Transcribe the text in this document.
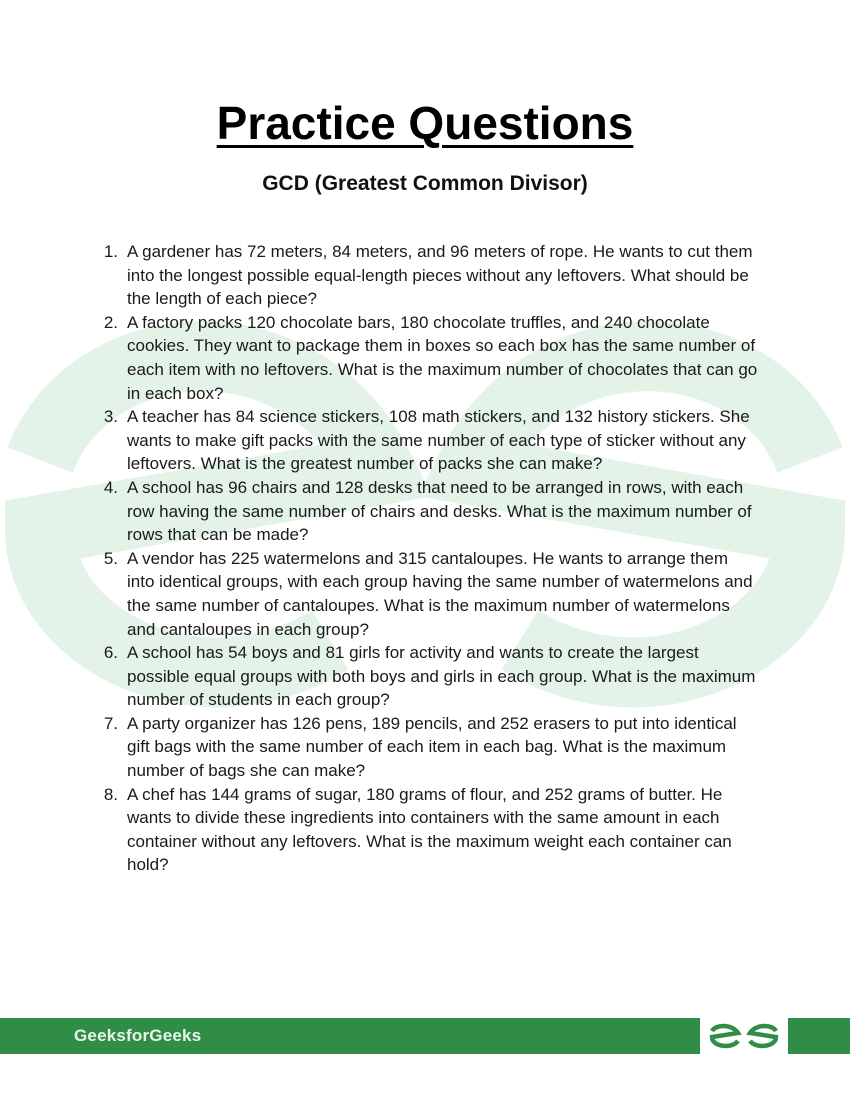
Practice Questions
GCD (Greatest Common Divisor)
1. A gardener has 72 meters, 84 meters, and 96 meters of rope. He wants to cut them into the longest possible equal-length pieces without any leftovers. What should be the length of each piece?
2. A factory packs 120 chocolate bars, 180 chocolate truffles, and 240 chocolate cookies. They want to package them in boxes so each box has the same number of each item with no leftovers. What is the maximum number of chocolates that can go in each box?
3. A teacher has 84 science stickers, 108 math stickers, and 132 history stickers. She wants to make gift packs with the same number of each type of sticker without any leftovers. What is the greatest number of packs she can make?
4. A school has 96 chairs and 128 desks that need to be arranged in rows, with each row having the same number of chairs and desks. What is the maximum number of rows that can be made?
5. A vendor has 225 watermelons and 315 cantaloupes. He wants to arrange them into identical groups, with each group having the same number of watermelons and the same number of cantaloupes. What is the maximum number of watermelons and cantaloupes in each group?
6. A school has 54 boys and 81 girls for activity and wants to create the largest possible equal groups with both boys and girls in each group. What is the maximum number of students in each group?
7. A party organizer has 126 pens, 189 pencils, and 252 erasers to put into identical gift bags with the same number of each item in each bag. What is the maximum number of bags she can make?
8. A chef has 144 grams of sugar, 180 grams of flour, and 252 grams of butter. He wants to divide these ingredients into containers with the same amount in each container without any leftovers. What is the maximum weight each container can hold?
GeeksforGeeks
